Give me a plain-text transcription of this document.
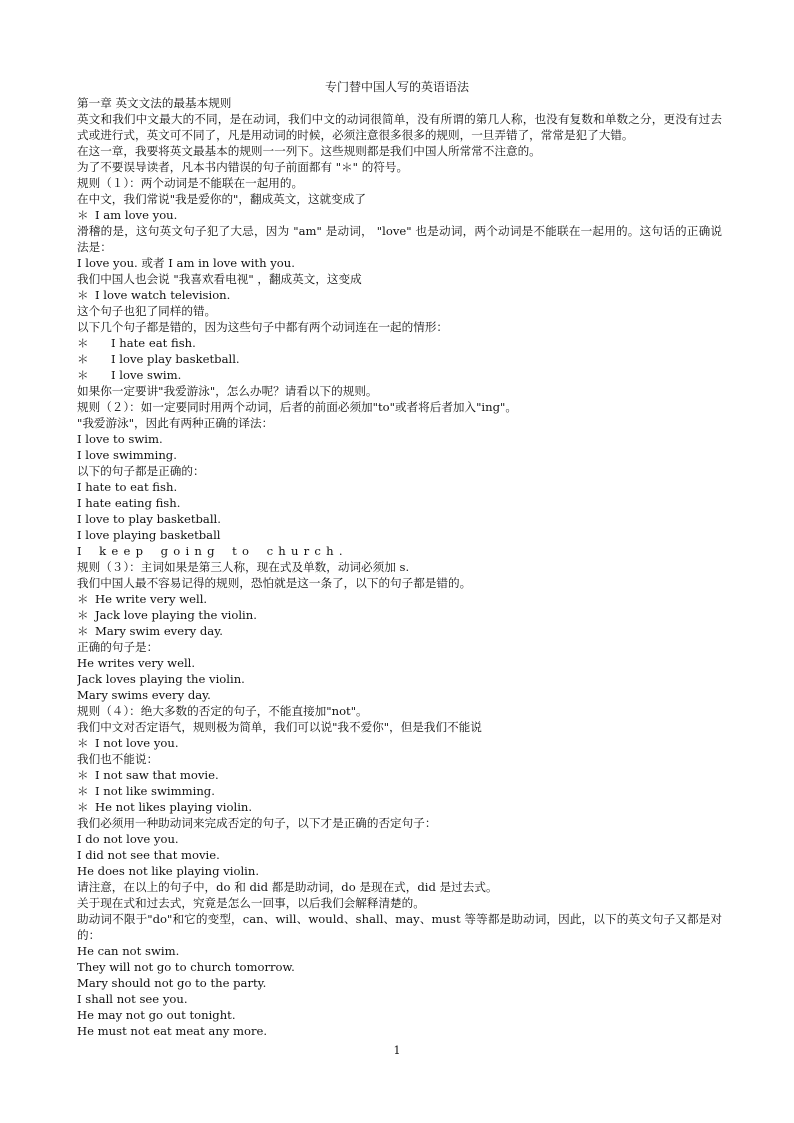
专门替中国人写的英语语法
第一章 英文文法的最基本规则
英文和我们中文最大的不同，是在动词，我们中文的动词很简单，没有所谓的第几人称，也没有复数和单数之分，更没有过去式或进行式，英文可不同了，凡是用动词的时候，必须注意很多很多的规则，一旦弄错了，常常是犯了大错。
在这一章，我要将英文最基本的规则一一列下。这些规则都是我们中国人所常常不注意的。
为了不要误导读者，凡本书内错误的句子前面都有 "＊" 的符号。
规则（１）：两个动词是不能联在一起用的。
在中文，我们常说"我是爱你的"，翻成英文，这就变成了
＊ I am love you.
滑稽的是，这句英文句子犯了大忌，因为 "am" 是动词， "love" 也是动词，两个动词是不能联在一起用的。这句话的正确说法是：
I love you. 或者 I am in love with you.
我们中国人也会说 "我喜欢看电视" ，翻成英文，这变成
＊ I love watch television.
这个句子也犯了同样的错。
以下几个句子都是错的，因为这些句子中都有两个动词连在一起的情形：
＊ I hate eat fish.
＊ I love play basketball.
＊ I love swim.
如果你一定要讲"我爱游泳"，怎么办呢？请看以下的规则。
规则（２）：如一定要同时用两个动词，后者的前面必须加"to"或者将后者加入"ing"。
"我爱游泳"，因此有两种正确的译法：
I love to swim.
I love swimming.
以下的句子都是正确的：
I hate to eat fish.
I hate eating fish.
I love to play basketball.
I love playing basketball
I keep going to church.
规则（３）：主词如果是第三人称，现在式及单数，动词必须加 s.
我们中国人最不容易记得的规则，恐怕就是这一条了，以下的句子都是错的。
＊ He write very well.
＊ Jack love playing the violin.
＊ Mary swim every day.
正确的句子是：
He writes very well.
Jack loves playing the violin.
Mary swims every day.
规则（４）：绝大多数的否定的句子，不能直接加"not"。
我们中文对否定语气，规则极为简单，我们可以说"我不爱你"，但是我们不能说
＊ I not love you.
我们也不能说：
＊ I not saw that movie.
＊ I not like swimming.
＊ He not likes playing violin.
我们必须用一种助动词来完成否定的句子，以下才是正确的否定句子：
I do not love you.
I did not see that movie.
He does not like playing violin.
请注意，在以上的句子中，do 和 did 都是助动词，do 是现在式，did 是过去式。
关于现在式和过去式，究竟是怎么一回事，以后我们会解释清楚的。
助动词不限于"do"和它的变型，can、will、would、shall、may、must 等等都是助动词，因此，以下的英文句子又都是对的：
He can not swim.
They will not go to church tomorrow.
Mary should not go to the party.
I shall not see you.
He may not go out tonight.
He must not eat meat any more.
1
